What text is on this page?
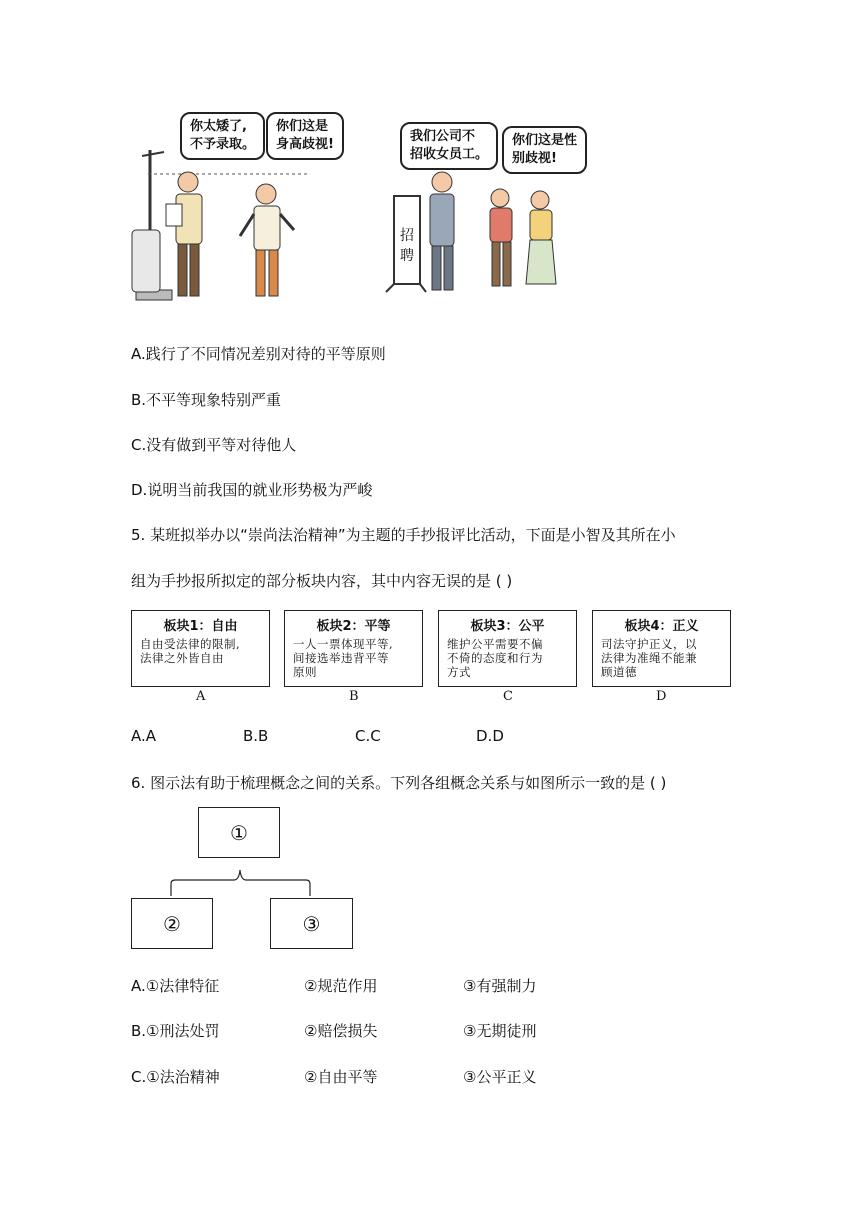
你太矮了,
不予录取。
你们这是
身高歧视!
招
聘
我们公司不
招收女员工。
你们这是性
别歧视!
A.践行了不同情况差别对待的平等原则
B.不平等现象特别严重
C.没有做到平等对待他人
D.说明当前我国的就业形势极为严峻
5. 某班拟举办以“崇尚法治精神”为主题的手抄报评比活动，下面是小智及其所在小
组为手抄报所拟定的部分板块内容，其中内容无误的是 ( )
板块1：自由
自由受法律的限制,
法律之外皆自由
板块2：平等
一人一票体现平等,
间接选举违背平等
原则
板块3：公平
维护公平需要不偏
不倚的态度和行为
方式
板块4：正义
司法守护正义，以
法律为准绳不能兼
顾道德
A	B	C	D
A.A	B.B	C.C	D.D
6. 图示法有助于梳理概念之间的关系。下列各组概念关系与如图所示一致的是 ( )
①
②	③
A.①法律特征	②规范作用	③有强制力
B.①刑法处罚	②赔偿损失	③无期徒刑
C.①法治精神	②自由平等	③公平正义
